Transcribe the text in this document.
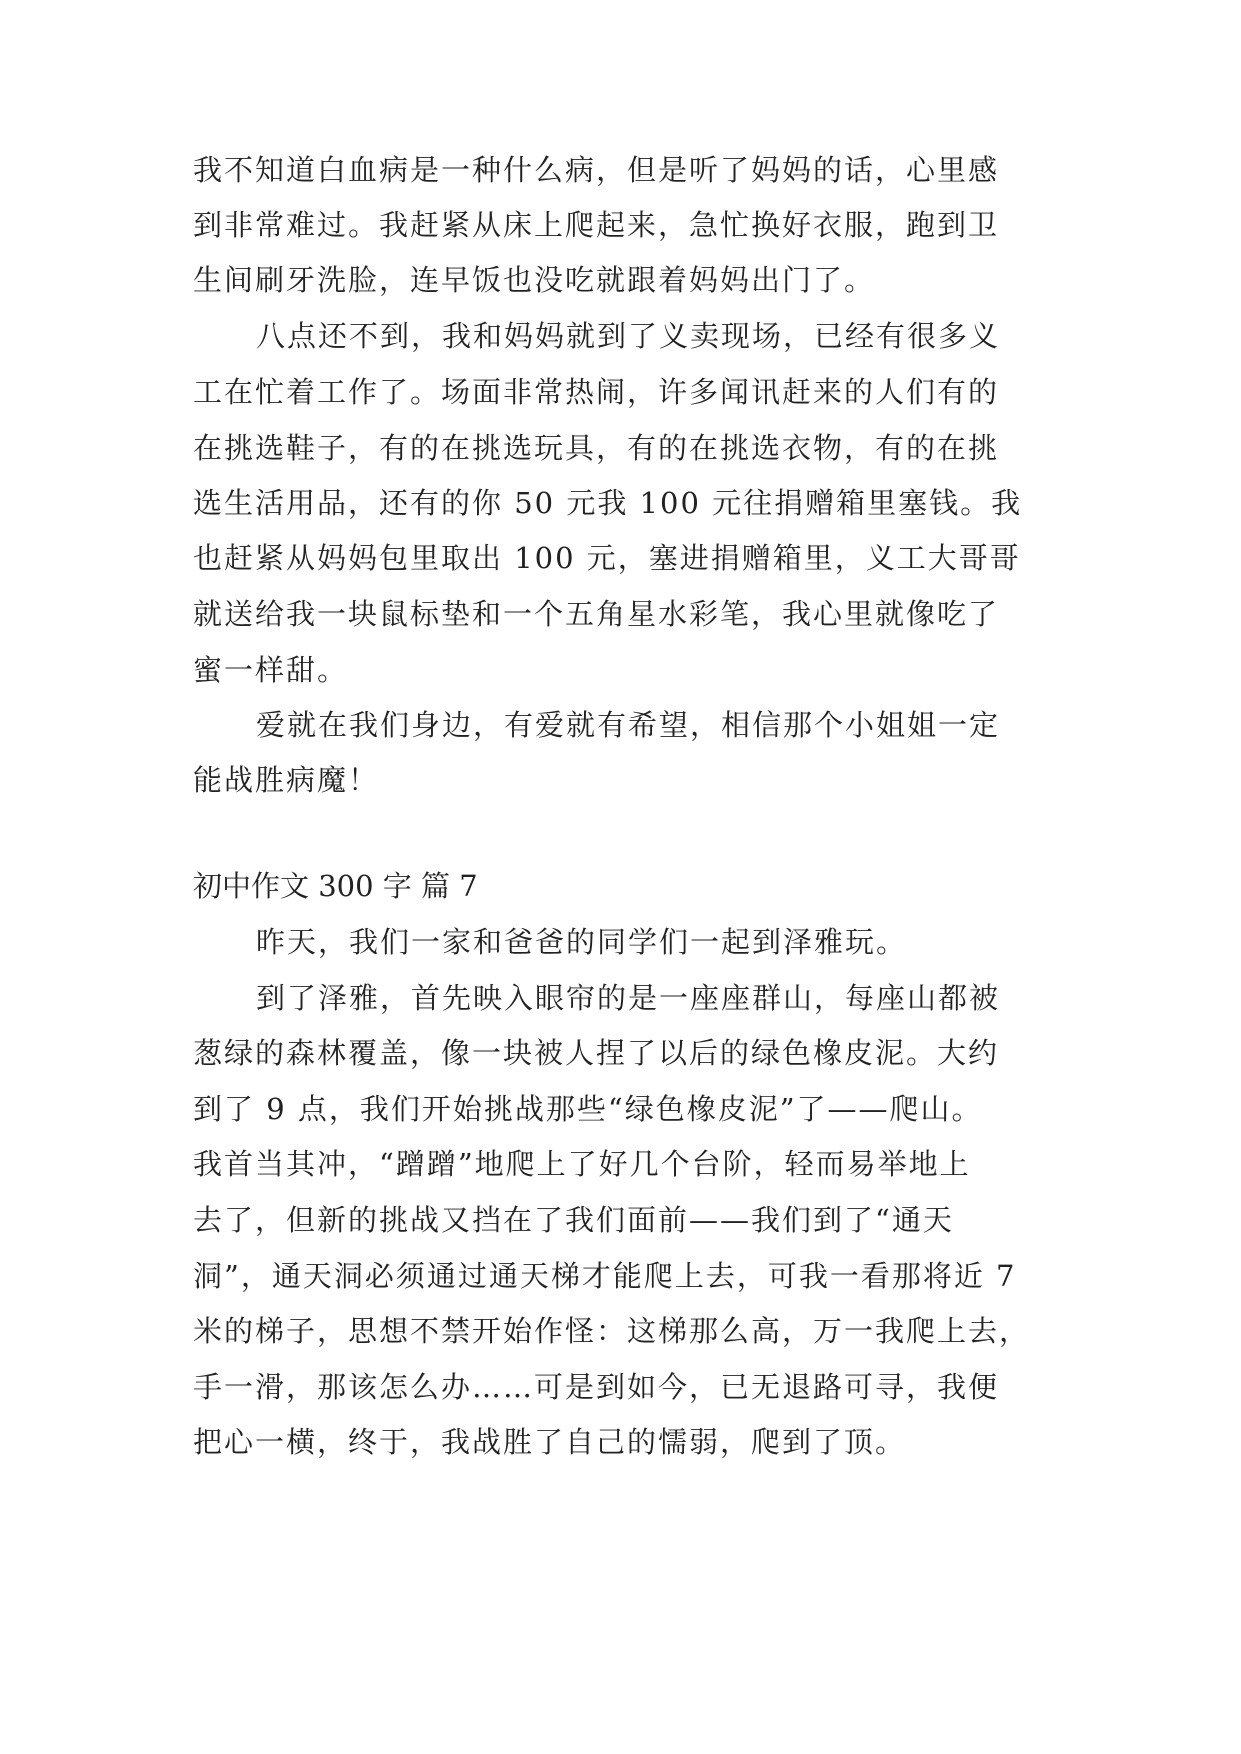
我不知道白血病是一种什么病，但是听了妈妈的话，心里感
到非常难过。我赶紧从床上爬起来，急忙换好衣服，跑到卫
生间刷牙洗脸，连早饭也没吃就跟着妈妈出门了。
八点还不到，我和妈妈就到了义卖现场，已经有很多义
工在忙着工作了。场面非常热闹，许多闻讯赶来的人们有的
在挑选鞋子，有的在挑选玩具，有的在挑选衣物，有的在挑
选生活用品，还有的你 50 元我 100 元往捐赠箱里塞钱。我
也赶紧从妈妈包里取出 100 元，塞进捐赠箱里，义工大哥哥
就送给我一块鼠标垫和一个五角星水彩笔，我心里就像吃了
蜜一样甜。
爱就在我们身边，有爱就有希望，相信那个小姐姐一定
能战胜病魔！
初中作文 300 字 篇 7
昨天，我们一家和爸爸的同学们一起到泽雅玩。
到了泽雅，首先映入眼帘的是一座座群山，每座山都被
葱绿的森林覆盖，像一块被人捏了以后的绿色橡皮泥。大约
到了 9 点，我们开始挑战那些“绿色橡皮泥”了——爬山。
我首当其冲，“蹭蹭”地爬上了好几个台阶，轻而易举地上
去了，但新的挑战又挡在了我们面前——我们到了“通天
洞”，通天洞必须通过通天梯才能爬上去，可我一看那将近 7
米的梯子，思想不禁开始作怪：这梯那么高，万一我爬上去，
手一滑，那该怎么办……可是到如今，已无退路可寻，我便
把心一横，终于，我战胜了自己的懦弱，爬到了顶。
